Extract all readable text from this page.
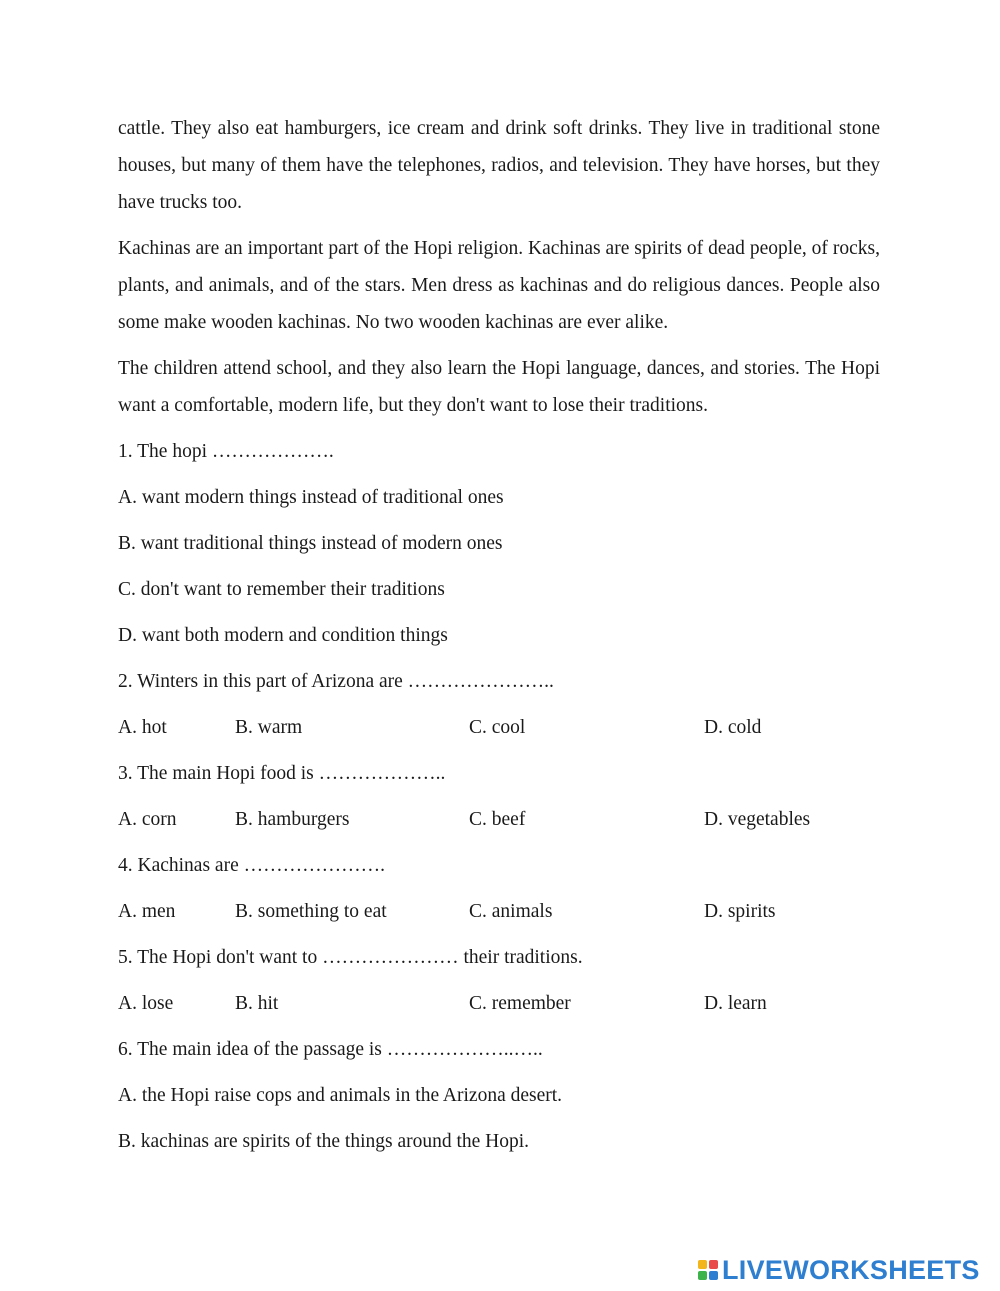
cattle. They also eat hamburgers, ice cream and drink soft drinks. They live in traditional stone houses, but many of them have the telephones, radios, and television. They have horses, but they have trucks too.

Kachinas are an important part of the Hopi religion. Kachinas are spirits of dead people, of rocks, plants, and animals, and of the stars. Men dress as kachinas and do religious dances. People also some make wooden kachinas. No two wooden kachinas are ever alike.

The children attend school, and they also learn the Hopi language, dances, and stories. The Hopi want a comfortable, modern life, but they don't want to lose their traditions.

1. The hopi ……………….
A. want modern things instead of traditional ones
B. want traditional things instead of modern ones
C. don't want to remember their traditions
D. want both modern and condition things
2. Winters in this part of Arizona are …………………..
A. hot	B. warm	C. cool	D. cold
3. The main Hopi food is ………………..
A. corn	B. hamburgers	C. beef	D. vegetables
4. Kachinas are ………………….
A. men	B. something to eat	C. animals	D. spirits
5. The Hopi don't want to ………………… their traditions.
A. lose	B. hit	C. remember	D. learn
6. The main idea of the passage is ………………..…..
A. the Hopi raise cops and animals in the Arizona desert.
B. kachinas are spirits of the things around the Hopi.
LIVEWORKSHEETS
